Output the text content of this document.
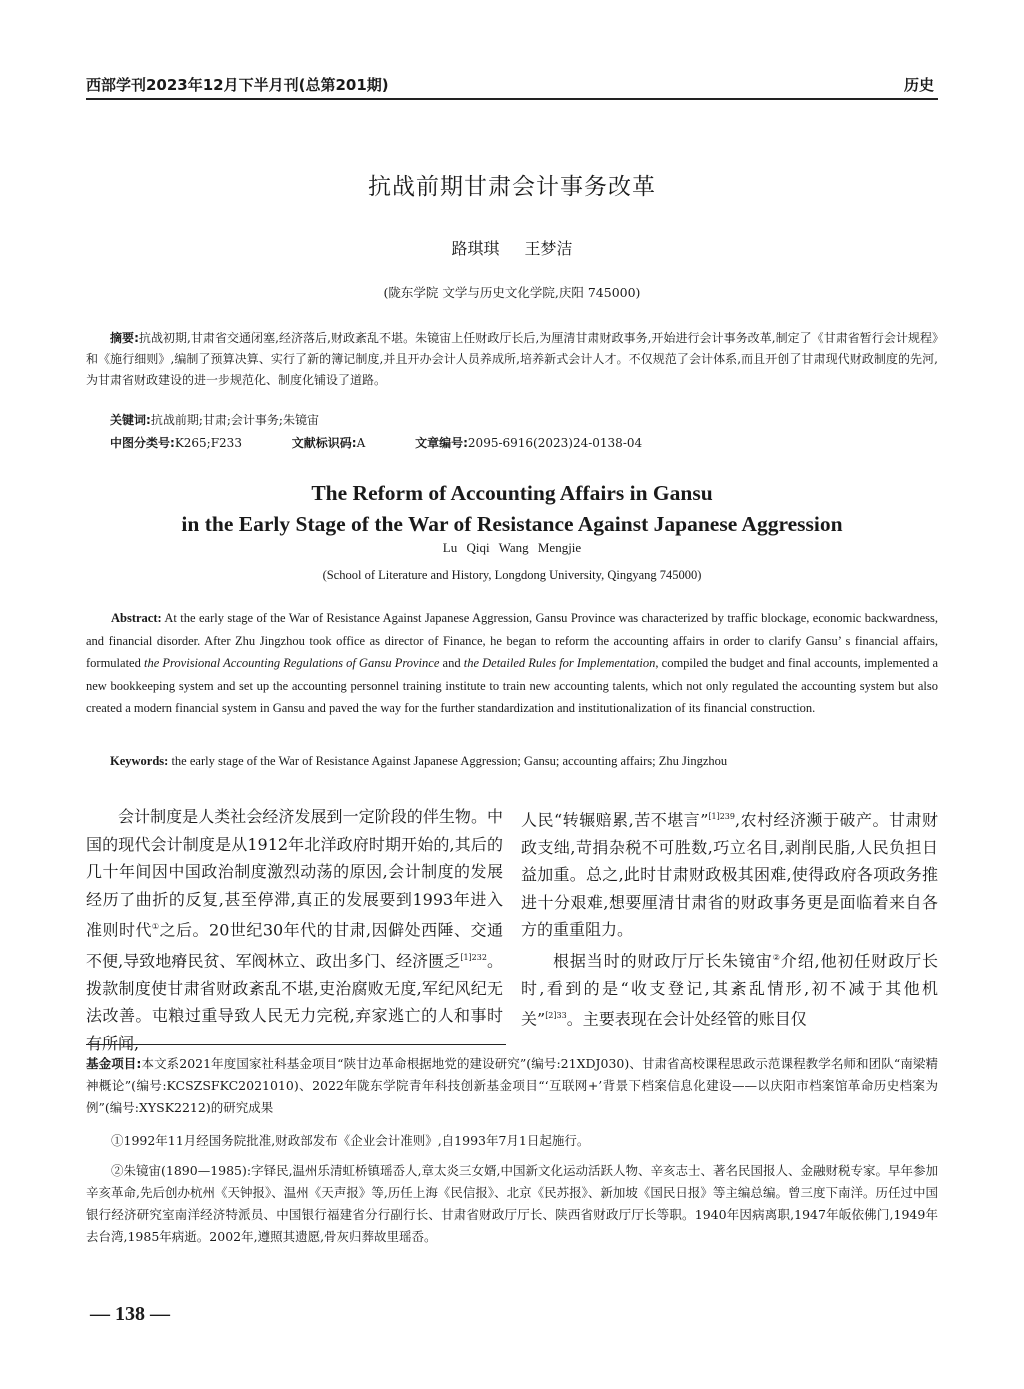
西部学刊2023年12月下半月刊(总第201期)	历史
抗战前期甘肃会计事务改革
路琪琪 王梦洁
(陇东学院 文学与历史文化学院,庆阳 745000)
摘要:抗战初期,甘肃省交通闭塞,经济落后,财政紊乱不堪。朱镜宙上任财政厅长后,为厘清甘肃财政事务,开始进行会计事务改革,制定了《甘肃省暂行会计规程》和《施行细则》,编制了预算决算、实行了新的簿记制度,并且开办会计人员养成所,培养新式会计人才。不仅规范了会计体系,而且开创了甘肃现代财政制度的先河,为甘肃省财政建设的进一步规范化、制度化铺设了道路。
关键词:抗战前期;甘肃;会计事务;朱镜宙
中图分类号:K265;F233	文献标识码:A	文章编号:2095-6916(2023)24-0138-04
The Reform of Accounting Affairs in Gansu
in the Early Stage of the War of Resistance Against Japanese Aggression
Lu Qiqi Wang Mengjie
(School of Literature and History, Longdong University, Qingyang 745000)
Abstract: At the early stage of the War of Resistance Against Japanese Aggression, Gansu Province was characterized by traffic blockage, economic backwardness, and financial disorder. After Zhu Jingzhou took office as director of Finance, he began to reform the accounting affairs in order to clarify Gansu’ s financial affairs, formulated the Provisional Accounting Regulations of Gansu Province and the Detailed Rules for Implementation, compiled the budget and final accounts, implemented a new bookkeeping system and set up the accounting personnel training institute to train new accounting talents, which not only regulated the accounting system but also created a modern financial system in Gansu and paved the way for the further standardization and institutionalization of its financial construction.
Keywords: the early stage of the War of Resistance Against Japanese Aggression; Gansu; accounting affairs; Zhu Jingzhou

会计制度是人类社会经济发展到一定阶段的伴生物。中国的现代会计制度是从1912年北洋政府时期开始的,其后的几十年间因中国政治制度激烈动荡的原因,会计制度的发展经历了曲折的反复,甚至停滞,真正的发展要到1993年进入准则时代①之后。20世纪30年代的甘肃,因僻处西陲、交通不便,导致地瘠民贫、军阀林立、政出多门、经济匮乏$^{[1]232}$。拨款制度使甘肃省财政紊乱不堪,吏治腐败无度,军纪风纪无法改善。屯粮过重导致人民无力完税,弃家逃亡的人和事时有所闻,

人民“转辗赔累,苦不堪言”$^{[1]239}$,农村经济濒于破产。甘肃财政支绌,苛捐杂税不可胜数,巧立名目,剥削民脂,人民负担日益加重。总之,此时甘肃财政极其困难,使得政府各项政务推进十分艰难,想要厘清甘肃省的财政事务更是面临着来自各方的重重阻力。

根据当时的财政厅厅长朱镜宙②介绍,他初任财政厅长时,看到的是“收支登记,其紊乱情形,初不减于其他机关”$^{[2]33}$。主要表现在会计处经管的账目仅

基金项目:本文系2021年度国家社科基金项目“陕甘边革命根据地党的建设研究”(编号:21XDJ030)、甘肃省高校课程思政示范课程教学名师和团队“南梁精神概论”(编号:KCSZSFKC2021010)、2022年陇东学院青年科技创新基金项目“‘互联网+’背景下档案信息化建设——以庆阳市档案馆革命历史档案为例”(编号:XYSK2212)的研究成果
①1992年11月经国务院批准,财政部发布《企业会计准则》,自1993年7月1日起施行。
②朱镜宙(1890—1985):字铎民,温州乐清虹桥镇瑶岙人,章太炎三女婿,中国新文化运动活跃人物、辛亥志士、著名民国报人、金融财税专家。早年参加辛亥革命,先后创办杭州《天钟报》、温州《天声报》等,历任上海《民信报》、北京《民苏报》、新加坡《国民日报》等主编总编。曾三度下南洋。历任过中国银行经济研究室南洋经济特派员、中国银行福建省分行副行长、甘肃省财政厅厅长、陕西省财政厅厅长等职。1940年因病离职,1947年皈依佛门,1949年去台湾,1985年病逝。2002年,遵照其遗愿,骨灰归葬故里瑶岙。
— 138 —
